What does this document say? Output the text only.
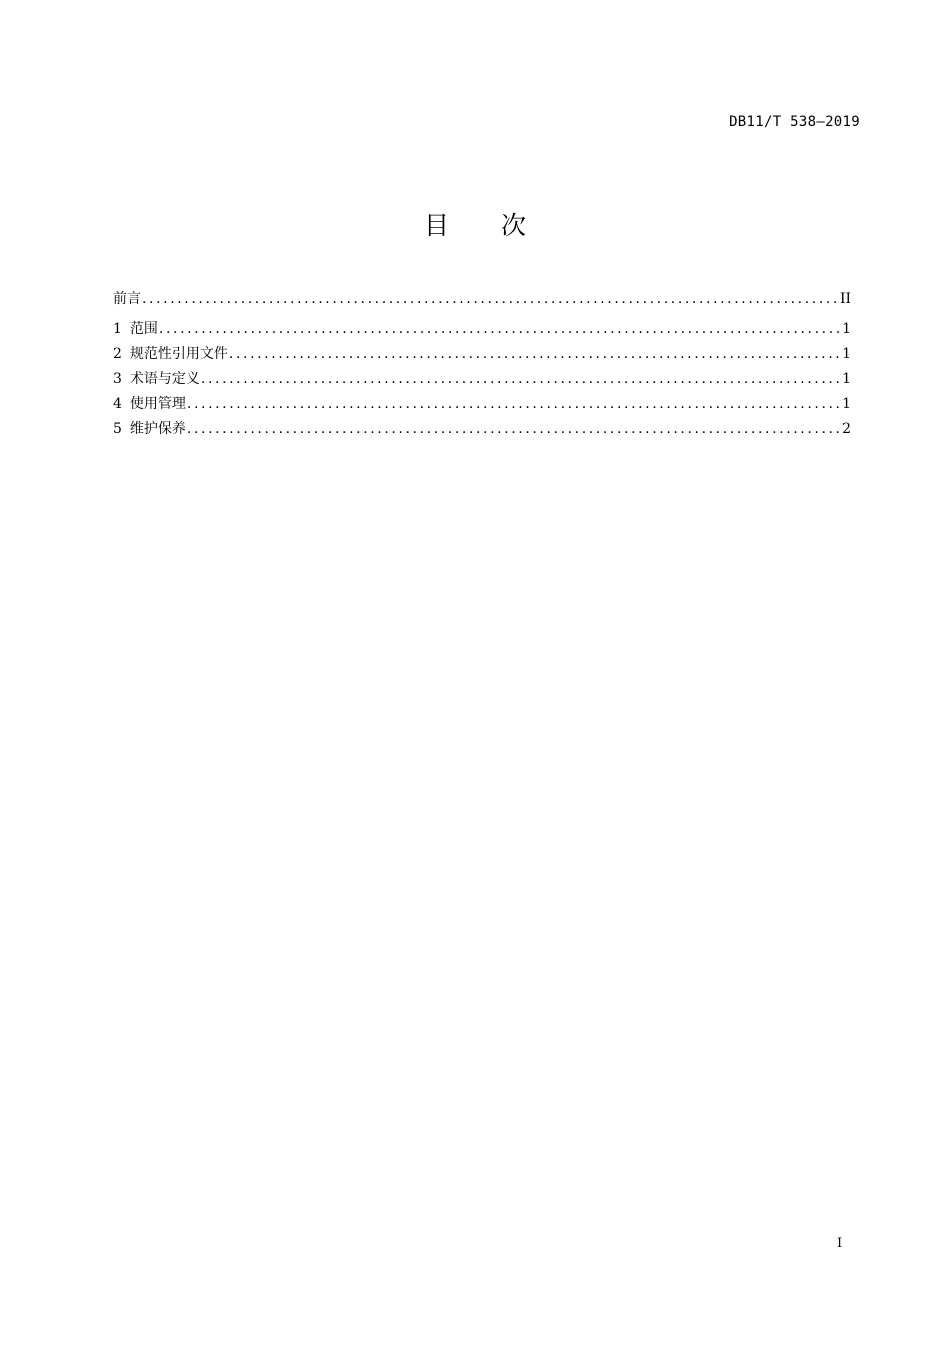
DB11/T 538—2019
目次
前言 .....	II
1 范围 .....	1
2 规范性引用文件 .....	1
3 术语与定义 .....	1
4 使用管理 .....	1
5 维护保养 .....	2
I
